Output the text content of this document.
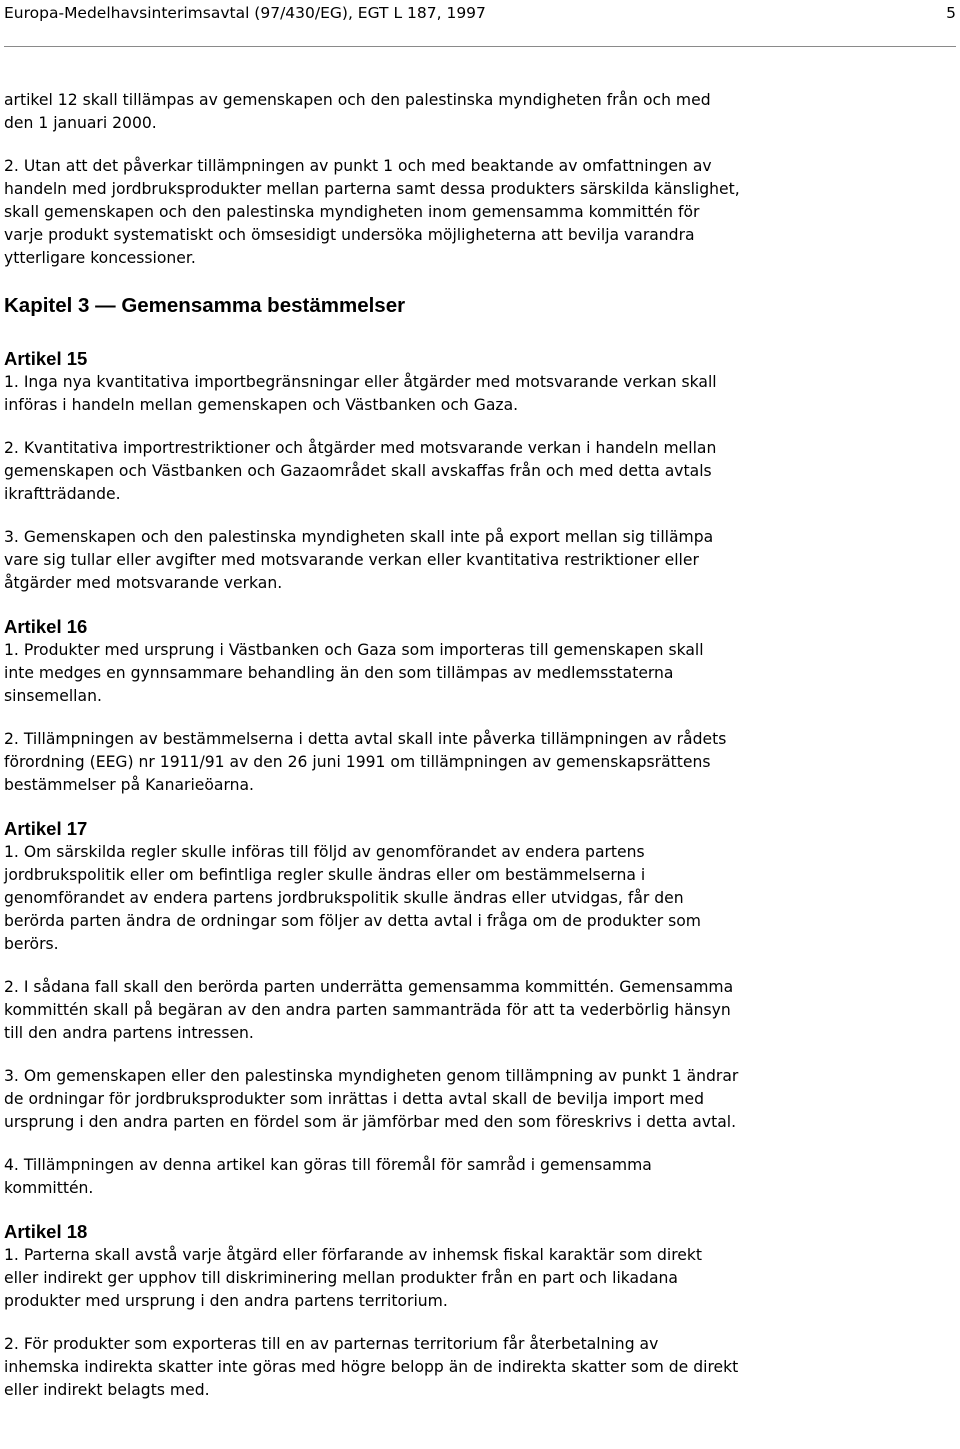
Europa-Medelhavsinterimsavtal (97/430/EG), EGT L 187, 1997	5

artikel 12 skall tillämpas av gemenskapen och den palestinska myndigheten från och med
den 1 januari 2000.

2. Utan att det påverkar tillämpningen av punkt 1 och med beaktande av omfattningen av
handeln med jordbruksprodukter mellan parterna samt dessa produkters särskilda känslighet,
skall gemenskapen och den palestinska myndigheten inom gemensamma kommittén för
varje produkt systematiskt och ömsesidigt undersöka möjligheterna att bevilja varandra
ytterligare koncessioner.

Kapitel 3 — Gemensamma bestämmelser
Artikel 15

1. Inga nya kvantitativa importbegränsningar eller åtgärder med motsvarande verkan skall
införas i handeln mellan gemenskapen och Västbanken och Gaza.

2. Kvantitativa importrestriktioner och åtgärder med motsvarande verkan i handeln mellan
gemenskapen och Västbanken och Gazaområdet skall avskaffas från och med detta avtals
ikraftträdande.

3. Gemenskapen och den palestinska myndigheten skall inte på export mellan sig tillämpa
vare sig tullar eller avgifter med motsvarande verkan eller kvantitativa restriktioner eller
åtgärder med motsvarande verkan.

Artikel 16

1. Produkter med ursprung i Västbanken och Gaza som importeras till gemenskapen skall
inte medges en gynnsammare behandling än den som tillämpas av medlemsstaterna
sinsemellan.

2. Tillämpningen av bestämmelserna i detta avtal skall inte påverka tillämpningen av rådets
förordning (EEG) nr 1911/91 av den 26 juni 1991 om tillämpningen av gemenskapsrättens
bestämmelser på Kanarieöarna.

Artikel 17

1. Om särskilda regler skulle införas till följd av genomförandet av endera partens
jordbrukspolitik eller om befintliga regler skulle ändras eller om bestämmelserna i
genomförandet av endera partens jordbrukspolitik skulle ändras eller utvidgas, får den
berörda parten ändra de ordningar som följer av detta avtal i fråga om de produkter som
berörs.

2. I sådana fall skall den berörda parten underrätta gemensamma kommittén. Gemensamma
kommittén skall på begäran av den andra parten sammanträda för att ta vederbörlig hänsyn
till den andra partens intressen.

3. Om gemenskapen eller den palestinska myndigheten genom tillämpning av punkt 1 ändrar
de ordningar för jordbruksprodukter som inrättas i detta avtal skall de bevilja import med
ursprung i den andra parten en fördel som är jämförbar med den som föreskrivs i detta avtal.

4. Tillämpningen av denna artikel kan göras till föremål för samråd i gemensamma
kommittén.

Artikel 18

1. Parterna skall avstå varje åtgärd eller förfarande av inhemsk fiskal karaktär som direkt
eller indirekt ger upphov till diskriminering mellan produkter från en part och likadana
produkter med ursprung i den andra partens territorium.

2. För produkter som exporteras till en av parternas territorium får återbetalning av
inhemska indirekta skatter inte göras med högre belopp än de indirekta skatter som de direkt
eller indirekt belagts med.
